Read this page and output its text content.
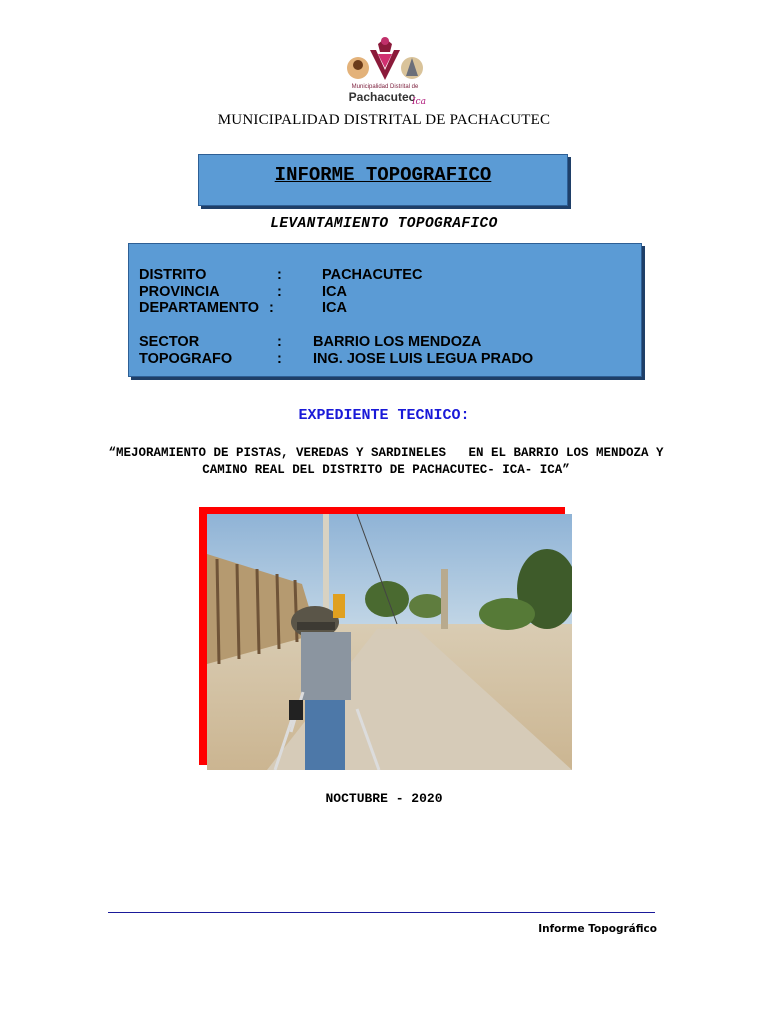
Municipalidad Distrital de
Pachacutec
Ica
MUNICIPALIDAD DISTRITAL DE PACHACUTEC
INFORME TOPOGRAFICO
LEVANTAMIENTO TOPOGRAFICO
DISTRITO	:	PACHACUTEC
PROVINCIA	:	ICA
DEPARTAMENTO :	ICA
SECTOR	: BARRIO LOS MENDOZA
TOPOGRAFO	: ING. JOSE LUIS LEGUA PRADO
EXPEDIENTE TECNICO:
“MEJORAMIENTO DE PISTAS, VEREDAS Y SARDINELES   EN EL BARRIO LOS MENDOZA Y CAMINO REAL DEL DISTRITO DE PACHACUTEC- ICA- ICA”
NOCTUBRE - 2020
Informe Topográfico
